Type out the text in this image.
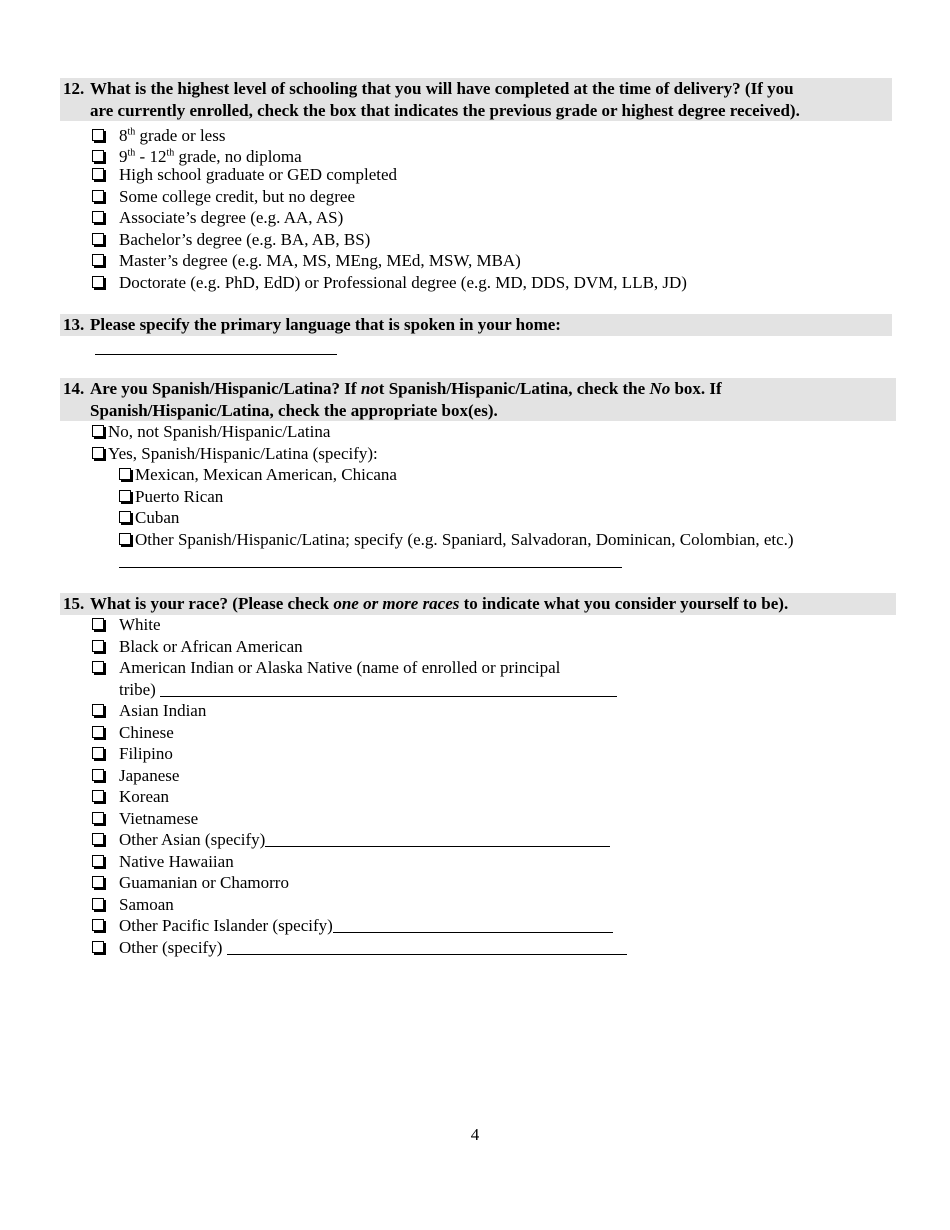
12. What is the highest level of schooling that you will have completed at the time of delivery? (If you
are currently enrolled, check the box that indicates the previous grade or highest degree received).
8th grade or less
9th - 12th grade, no diploma
High school graduate or GED completed
Some college credit, but no degree
Associate’s degree (e.g. AA, AS)
Bachelor’s degree (e.g. BA, AB, BS)
Master’s degree (e.g. MA, MS, MEng, MEd, MSW, MBA)
Doctorate (e.g. PhD, EdD) or Professional degree (e.g. MD, DDS, DVM, LLB, JD)
13. Please specify the primary language that is spoken in your home:
14. Are you Spanish/Hispanic/Latina? If not Spanish/Hispanic/Latina, check the No box. If
Spanish/Hispanic/Latina, check the appropriate box(es).
No, not Spanish/Hispanic/Latina
Yes, Spanish/Hispanic/Latina (specify):
Mexican, Mexican American, Chicana
Puerto Rican
Cuban
Other Spanish/Hispanic/Latina; specify (e.g. Spaniard, Salvadoran, Dominican, Colombian, etc.)
15. What is your race? (Please check one or more races to indicate what you consider yourself to be).
White
Black or African American
American Indian or Alaska Native (name of enrolled or principal
tribe)
Asian Indian
Chinese
Filipino
Japanese
Korean
Vietnamese
Other Asian (specify)
Native Hawaiian
Guamanian or Chamorro
Samoan
Other Pacific Islander (specify)
Other (specify)
4
